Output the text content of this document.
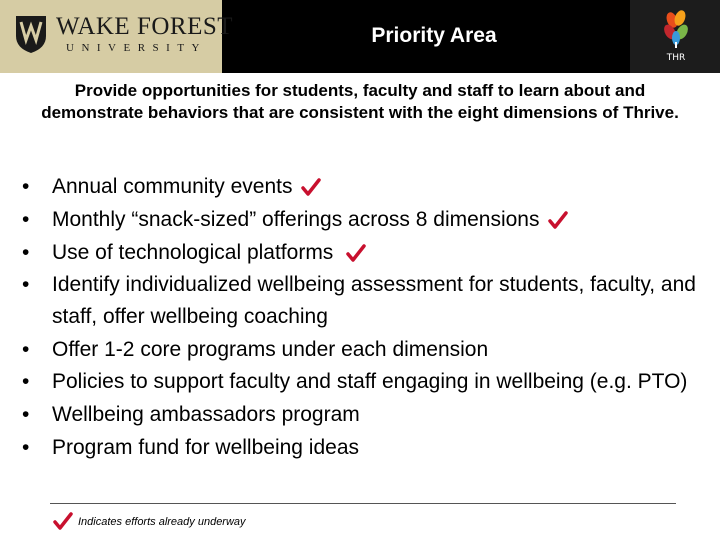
WAKE FOREST
UNIVERSITY
Priority Area
THR
Provide opportunities for students, faculty and staff to learn about and demonstrate behaviors that are consistent with the eight dimensions of Thrive.
• Annual community events
• Monthly “snack-sized” offerings across 8 dimensions
• Use of technological platforms
• Identify individualized wellbeing assessment for students, faculty, and staff, offer wellbeing coaching
• Offer 1-2 core programs under each dimension
• Policies to support faculty and staff engaging in wellbeing (e.g. PTO)
• Wellbeing ambassadors program
• Program fund for wellbeing ideas
Indicates efforts already underway
